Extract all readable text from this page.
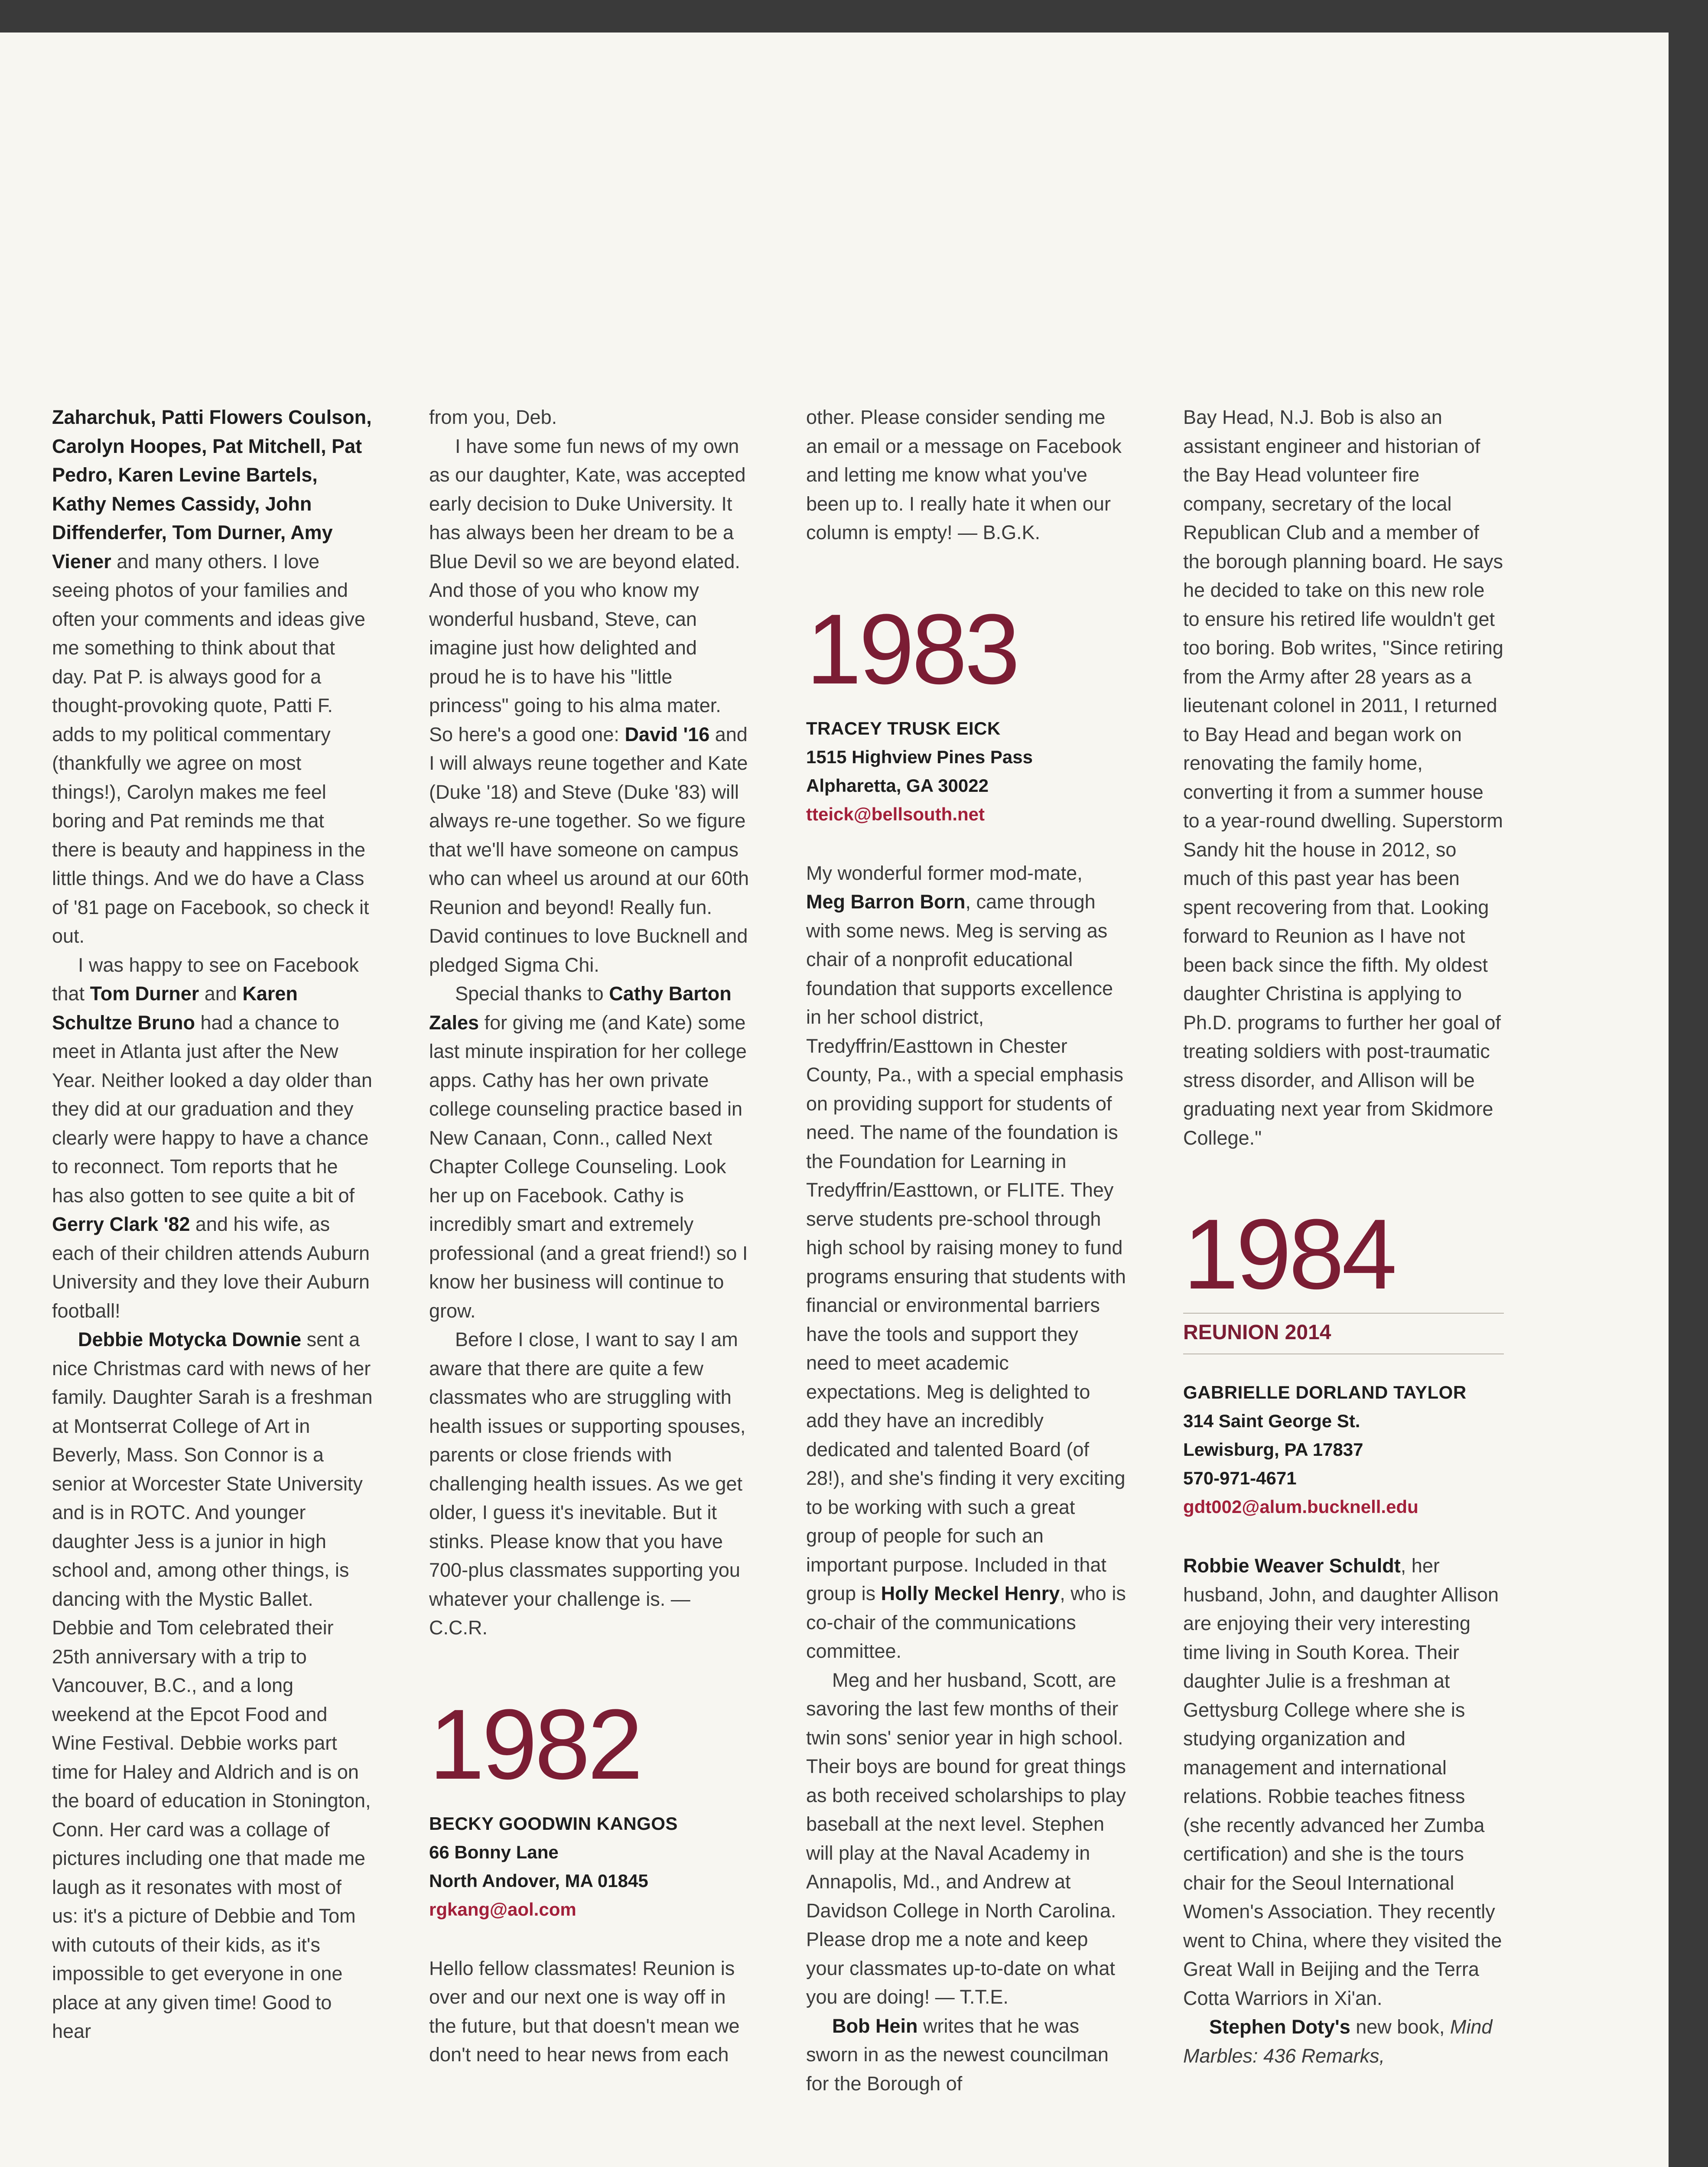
Zaharchuk, Patti Flowers Coulson, Carolyn Hoopes, Pat Mitchell, Pat Pedro, Karen Levine Bartels, Kathy Nemes Cassidy, John Diffenderfer, Tom Durner, Amy Viener and many others. I love seeing photos of your families and often your comments and ideas give me something to think about that day. Pat P. is always good for a thought-provoking quote, Patti F. adds to my political commentary (thankfully we agree on most things!), Carolyn makes me feel boring and Pat reminds me that there is beauty and happiness in the little things. And we do have a Class of '81 page on Facebook, so check it out.

I was happy to see on Facebook that Tom Durner and Karen Schultze Bruno had a chance to meet in Atlanta just after the New Year. Neither looked a day older than they did at our graduation and they clearly were happy to have a chance to reconnect. Tom reports that he has also gotten to see quite a bit of Gerry Clark '82 and his wife, as each of their children attends Auburn University and they love their Auburn football!

Debbie Motycka Downie sent a nice Christmas card with news of her family. Daughter Sarah is a freshman at Montserrat College of Art in Beverly, Mass. Son Connor is a senior at Worcester State University and is in ROTC. And younger daughter Jess is a junior in high school and, among other things, is dancing with the Mystic Ballet. Debbie and Tom celebrated their 25th anniversary with a trip to Vancouver, B.C., and a long weekend at the Epcot Food and Wine Festival. Debbie works part time for Haley and Aldrich and is on the board of education in Stonington, Conn. Her card was a collage of pictures including one that made me laugh as it resonates with most of us: it's a picture of Debbie and Tom with cutouts of their kids, as it's impossible to get everyone in one place at any given time! Good to hear

from you, Deb.

I have some fun news of my own as our daughter, Kate, was accepted early decision to Duke University. It has always been her dream to be a Blue Devil so we are beyond elated. And those of you who know my wonderful husband, Steve, can imagine just how delighted and proud he is to have his "little princess" going to his alma mater. So here's a good one: David '16 and I will always reune together and Kate (Duke '18) and Steve (Duke '83) will always re-une together. So we figure that we'll have someone on campus who can wheel us around at our 60th Reunion and beyond! Really fun. David continues to love Bucknell and pledged Sigma Chi.

Special thanks to Cathy Barton Zales for giving me (and Kate) some last minute inspiration for her college apps. Cathy has her own private college counseling practice based in New Canaan, Conn., called Next Chapter College Counseling. Look her up on Facebook. Cathy is incredibly smart and extremely professional (and a great friend!) so I know her business will continue to grow.

Before I close, I want to say I am aware that there are quite a few classmates who are struggling with health issues or supporting spouses, parents or close friends with challenging health issues. As we get older, I guess it's inevitable. But it stinks. Please know that you have 700-plus classmates supporting you whatever your challenge is. — C.C.R.

1982
BECKY GOODWIN KANGOS
66 Bonny Lane
North Andover, MA 01845
rgkang@aol.com

Hello fellow classmates! Reunion is over and our next one is way off in the future, but that doesn't mean we don't need to hear news from each

other. Please consider sending me an email or a message on Facebook and letting me know what you've been up to. I really hate it when our column is empty! — B.G.K.

1983
TRACEY TRUSK EICK
1515 Highview Pines Pass
Alpharetta, GA 30022
tteick@bellsouth.net

My wonderful former mod-mate, Meg Barron Born, came through with some news. Meg is serving as chair of a nonprofit educational foundation that supports excellence in her school district, Tredyffrin/Easttown in Chester County, Pa., with a special emphasis on providing support for students of need. The name of the foundation is the Foundation for Learning in Tredyffrin/Easttown, or FLITE. They serve students pre-school through high school by raising money to fund programs ensuring that students with financial or environmental barriers have the tools and support they need to meet academic expectations. Meg is delighted to add they have an incredibly dedicated and talented Board (of 28!), and she's finding it very exciting to be working with such a great group of people for such an important purpose. Included in that group is Holly Meckel Henry, who is co-chair of the communications committee.

Meg and her husband, Scott, are savoring the last few months of their twin sons' senior year in high school. Their boys are bound for great things as both received scholarships to play baseball at the next level. Stephen will play at the Naval Academy in Annapolis, Md., and Andrew at Davidson College in North Carolina. Please drop me a note and keep your classmates up-to-date on what you are doing! — T.T.E.

Bob Hein writes that he was sworn in as the newest councilman for the Borough of

Bay Head, N.J. Bob is also an assistant engineer and historian of the Bay Head volunteer fire company, secretary of the local Republican Club and a member of the borough planning board. He says he decided to take on this new role to ensure his retired life wouldn't get too boring. Bob writes, "Since retiring from the Army after 28 years as a lieutenant colonel in 2011, I returned to Bay Head and began work on renovating the family home, converting it from a summer house to a year-round dwelling. Superstorm Sandy hit the house in 2012, so much of this past year has been spent recovering from that. Looking forward to Reunion as I have not been back since the fifth. My oldest daughter Christina is applying to Ph.D. programs to further her goal of treating soldiers with post-traumatic stress disorder, and Allison will be graduating next year from Skidmore College."

1984
REUNION 2014
GABRIELLE DORLAND TAYLOR
314 Saint George St.
Lewisburg, PA 17837
570-971-4671
gdt002@alum.bucknell.edu

Robbie Weaver Schuldt, her husband, John, and daughter Allison are enjoying their very interesting time living in South Korea. Their daughter Julie is a freshman at Gettysburg College where she is studying organization and management and international relations. Robbie teaches fitness (she recently advanced her Zumba certification) and she is the tours chair for the Seoul International Women's Association. They recently went to China, where they visited the Great Wall in Beijing and the Terra Cotta Warriors in Xi'an.

Stephen Doty's new book, Mind Marbles: 436 Remarks,
